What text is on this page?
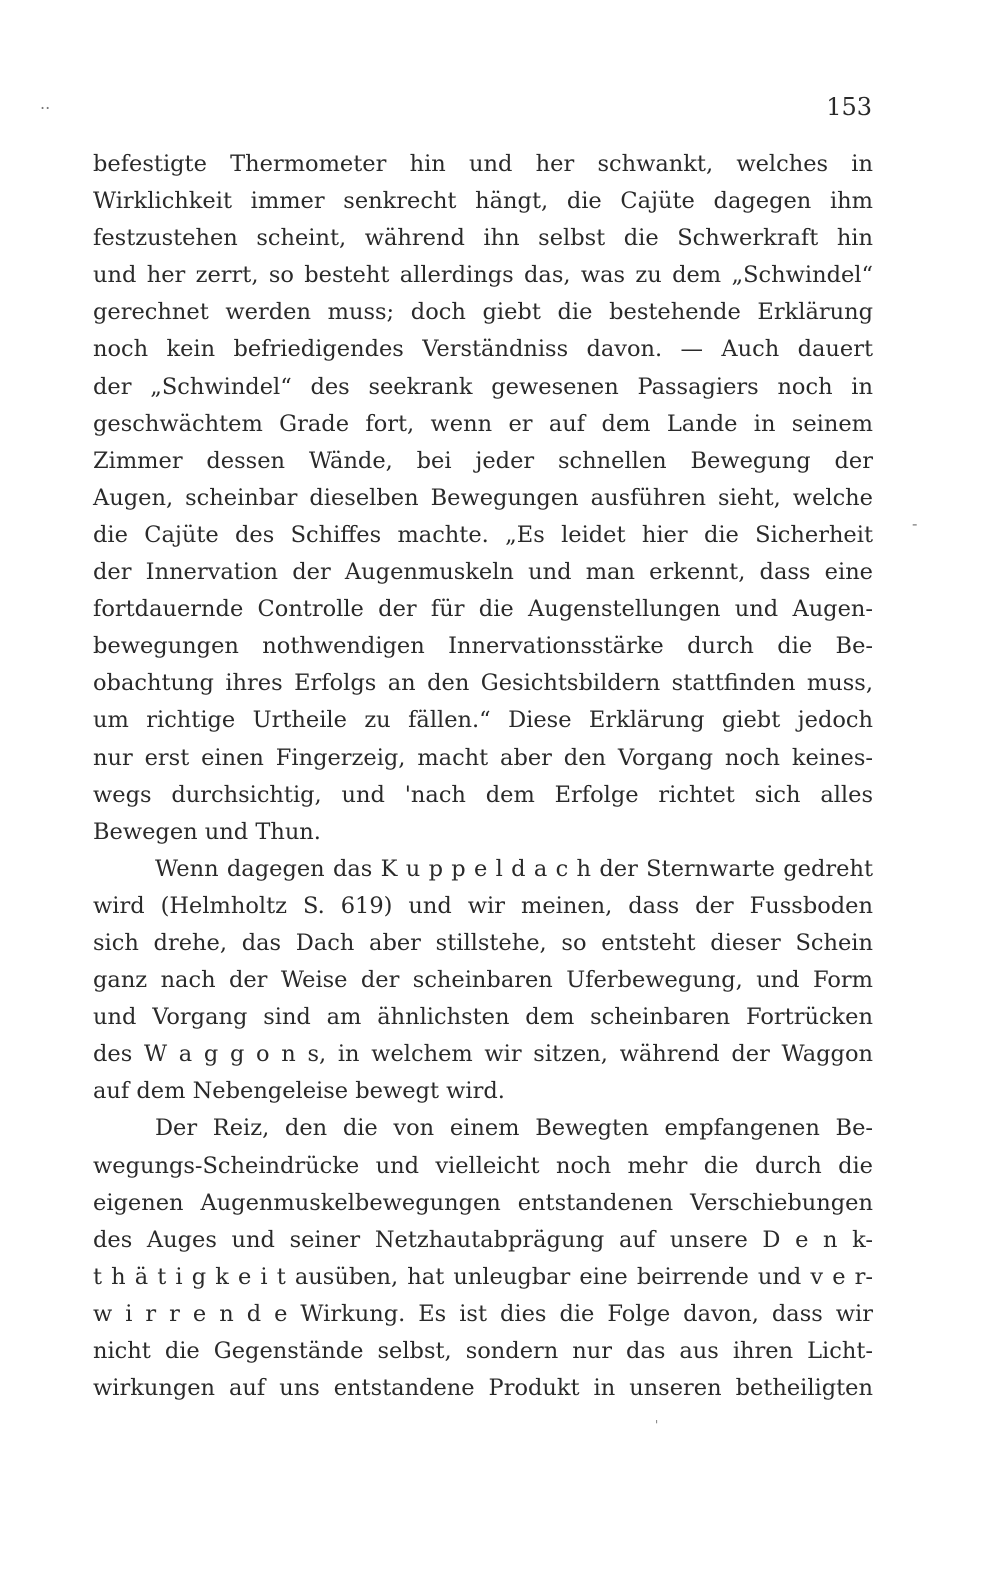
..
-
'
153
befestigte Thermometer hin und her schwankt, welches in
Wirklichkeit immer senkrecht hängt, die Cajüte dagegen ihm
festzustehen scheint, während ihn selbst die Schwerkraft hin
und her zerrt, so besteht allerdings das, was zu dem „Schwindel“
gerechnet werden muss; doch giebt die bestehende Erklärung
noch kein befriedigendes Verständniss davon. — Auch dauert
der „Schwindel“ des seekrank gewesenen Passagiers noch in
geschwächtem Grade fort, wenn er auf dem Lande in seinem
Zimmer dessen Wände, bei jeder schnellen Bewegung der
Augen, scheinbar dieselben Bewegungen ausführen sieht, welche
die Cajüte des Schiffes machte. „Es leidet hier die Sicherheit
der Innervation der Augenmuskeln und man erkennt, dass eine
fortdauernde Controlle der für die Augenstellungen und Augen-
bewegungen nothwendigen Innervationsstärke durch die Be-
obachtung ihres Erfolgs an den Gesichtsbildern stattfinden muss,
um richtige Urtheile zu fällen.“ Diese Erklärung giebt jedoch
nur erst einen Fingerzeig, macht aber den Vorgang noch keines-
wegs durchsichtig, und 'nach dem Erfolge richtet sich alles
Bewegen und Thun.
Wenn dagegen das K u p p e l d a c h der Sternwarte gedreht
wird (Helmholtz S. 619) und wir meinen, dass der Fussboden
sich drehe, das Dach aber stillstehe, so entsteht dieser Schein
ganz nach der Weise der scheinbaren Uferbewegung, und Form
und Vorgang sind am ähnlichsten dem scheinbaren Fortrücken
des W a g g o n s, in welchem wir sitzen, während der Waggon
auf dem Nebengeleise bewegt wird.
Der Reiz, den die von einem Bewegten empfangenen Be-
wegungs-Scheindrücke und vielleicht noch mehr die durch die
eigenen Augenmuskelbewegungen entstandenen Verschiebungen
des Auges und seiner Netzhautabprägung auf unsere D e n k-
t h ä t i g k e i t ausüben, hat unleugbar eine beirrende und v e r-
w i r r e n d e Wirkung. Es ist dies die Folge davon, dass wir
nicht die Gegenstände selbst, sondern nur das aus ihren Licht-
wirkungen auf uns entstandene Produkt in unseren betheiligten
